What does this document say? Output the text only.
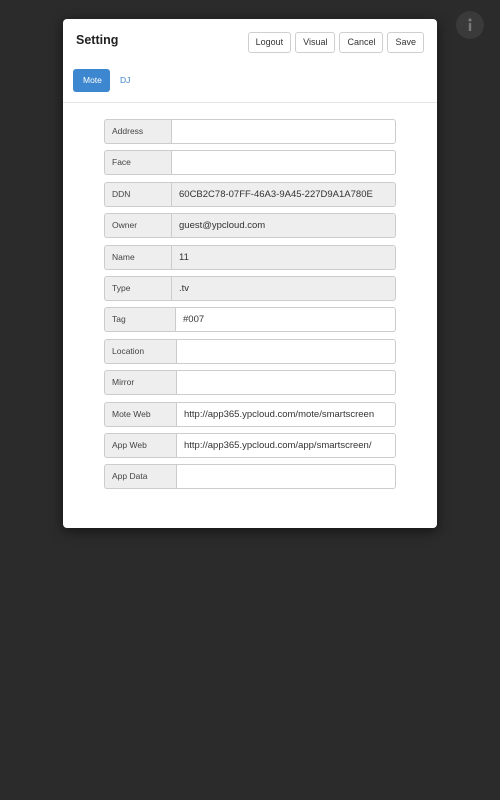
Setting	Logout	Visual	Cancel	Save
Mote	DJ
Address
Face
DDN	60CB2C78-07FF-46A3-9A45-227D9A1A780E
Owner	guest@ypcloud.com
Name	11
Type	.tv
Tag	#007
Location
Mirror
Mote Web	http://app365.ypcloud.com/mote/smartscreen
App Web	http://app365.ypcloud.com/app/smartscreen/
App Data
